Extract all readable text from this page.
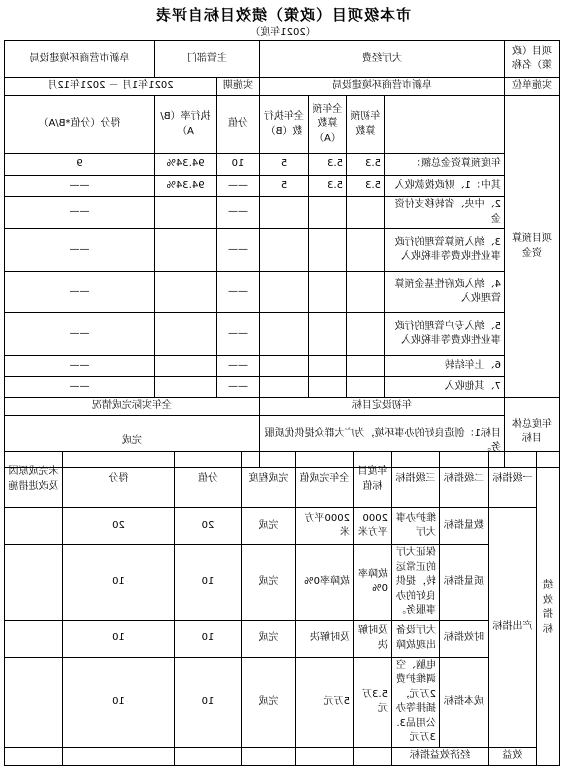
市本级项目（政策）绩效目标自评表
（2021年度）
项目（政策）名称	大厅经费				主管部门		阜新市营商环境建设局
实施单位	阜新市营商环境建设局				实施期	2021年1月 － 2021年12月	
项目预算资金		年初预算数	全年预算数（A）	全年执行数（B）	分值	执行率（B/A）	得分（分值*B/A）
	年度预算资金总额：	5.3	5.3	5	10	94.34%	9
	其中：1、财政拨款收入	5.3	5.3	5	——	94.34%	——
	2、中央、省转移支付资金				——		——
	3、纳入预算管理的行政事业性收费等非税收入				——		——
	4、纳入政府性基金预算管理收入				——		——
	5、纳入专户管理的行政事业性收费等非税收入				——		——
	6、上年结转				——		——
	7、其他收入				——		——
年度总体目标	年初设定目标				全年实际完成情况		
	目标1：创造良好的办事环境，为广大群众提供优质服务。				完成		
绩效指标	一级指标	二级指标	三级指标	年度目标值	全年完成值	完成程度	分值	得分	未完成原因及改进措施
	产出指标	数量指标	维护办事大厅	2000平方米	2000平方米	完成	20	20	
		质量指标	保证大厅的正常运转，提供良好的办事服务。	故障率0%	故障率0%	完成	10	10	
		时效指标	大厅设备出现故障	及时解决	及时解决	完成	10	10	
		成本指标	电脑、空调维护费2万元，插排等办公用品3.3万元	5.3万元	5万元	完成	10	10	
	效益	经济效益指标							
